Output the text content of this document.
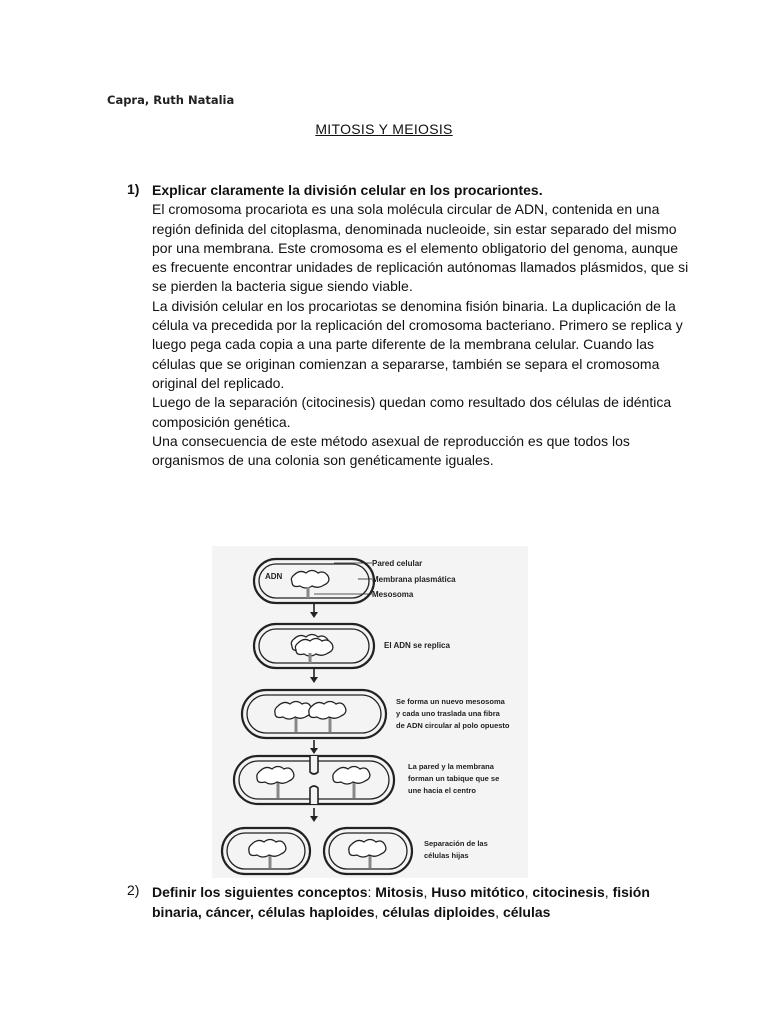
Capra, Ruth Natalia
MITOSIS Y MEIOSIS
1) Explicar claramente la división celular en los procariontes.

El cromosoma procariota es una sola molécula circular de ADN, contenida en una región definida del citoplasma, denominada nucleoide, sin estar separado del mismo por una membrana. Este cromosoma es el elemento obligatorio del genoma, aunque es frecuente encontrar unidades de replicación autónomas llamados plásmidos, que si se pierden la bacteria sigue siendo viable.

La división celular en los procariotas se denomina fisión binaria. La duplicación de la célula va precedida por la replicación del cromosoma bacteriano. Primero se replica y luego pega cada copia a una parte diferente de la membrana celular. Cuando las células que se originan comienzan a separarse, también se separa el cromosoma original del replicado.

Luego de la separación (citocinesis) quedan como resultado dos células de idéntica composición genética.

Una consecuencia de este método asexual de reproducción es que todos los organismos de una colonia son genéticamente iguales.

ADN
Pared celular
Membrana plasmática
Mesosoma
El ADN se replica
Se forma un nuevo mesosoma
y cada uno traslada una fibra
de ADN circular al polo opuesto
La pared y la membrana
forman un tabique que se
une hacia el centro
Separación de las
células hijas
2) Definir los siguientes conceptos: Mitosis, Huso mitótico, citocinesis, fisión binaria, cáncer, células haploides, células diploides, células
